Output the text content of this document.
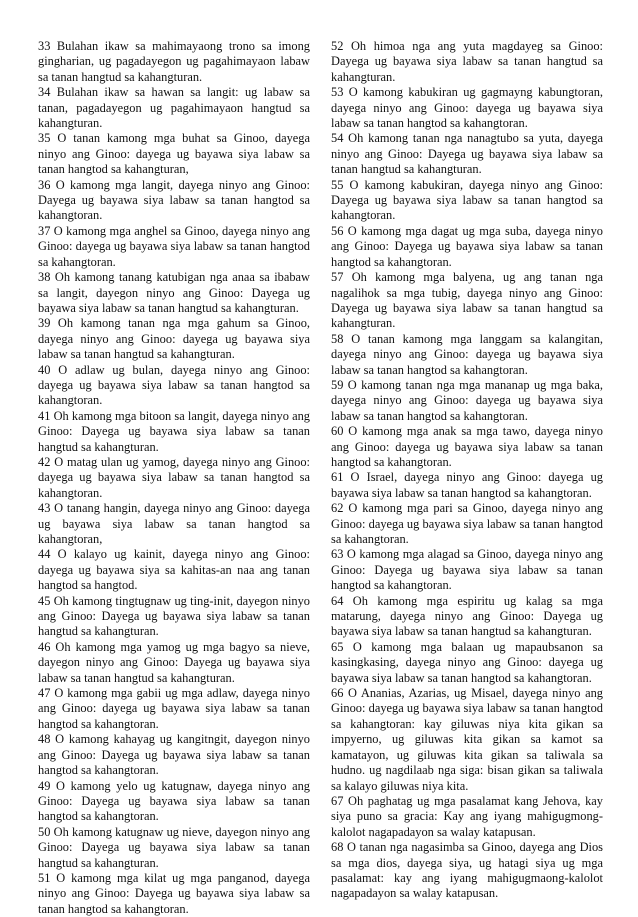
33 Bulahan ikaw sa mahimayaong trono sa imong gingharian, ug pagadayegon ug pagahimayaon labaw sa tanan hangtud sa kahangturan.

34 Bulahan ikaw sa hawan sa langit: ug labaw sa tanan, pagadayegon ug pagahimayaon hangtud sa kahangturan.

35 O tanan kamong mga buhat sa Ginoo, dayega ninyo ang Ginoo: dayega ug bayawa siya labaw sa tanan hangtod sa kahangturan,

36 O kamong mga langit, dayega ninyo ang Ginoo: Dayega ug bayawa siya labaw sa tanan hangtod sa kahangtoran.

37 O kamong mga anghel sa Ginoo, dayega ninyo ang Ginoo: dayega ug bayawa siya labaw sa tanan hangtod sa kahangtoran.

38 Oh kamong tanang katubigan nga anaa sa ibabaw sa langit, dayegon ninyo ang Ginoo: Dayega ug bayawa siya labaw sa tanan hangtud sa kahangturan.

39 Oh kamong tanan nga mga gahum sa Ginoo, dayega ninyo ang Ginoo: dayega ug bayawa siya labaw sa tanan hangtud sa kahangturan.

40 O adlaw ug bulan, dayega ninyo ang Ginoo: dayega ug bayawa siya labaw sa tanan hangtod sa kahangtoran.

41 Oh kamong mga bitoon sa langit, dayega ninyo ang Ginoo: Dayega ug bayawa siya labaw sa tanan hangtud sa kahangturan.

42 O matag ulan ug yamog, dayega ninyo ang Ginoo: dayega ug bayawa siya labaw sa tanan hangtod sa kahangtoran.

43 O tanang hangin, dayega ninyo ang Ginoo: dayega ug bayawa siya labaw sa tanan hangtod sa kahangtoran,

44 O kalayo ug kainit, dayega ninyo ang Ginoo: dayega ug bayawa siya sa kahitas-an naa ang tanan hangtod sa hangtod.

45 Oh kamong tingtugnaw ug ting-init, dayegon ninyo ang Ginoo: Dayega ug bayawa siya labaw sa tanan hangtud sa kahangturan.

46 Oh kamong mga yamog ug mga bagyo sa nieve, dayegon ninyo ang Ginoo: Dayega ug bayawa siya labaw sa tanan hangtud sa kahangturan.

47 O kamong mga gabii ug mga adlaw, dayega ninyo ang Ginoo: dayega ug bayawa siya labaw sa tanan hangtod sa kahangtoran.

48 O kamong kahayag ug kangitngit, dayegon ninyo ang Ginoo: Dayega ug bayawa siya labaw sa tanan hangtod sa kahangtoran.

49 O kamong yelo ug katugnaw, dayega ninyo ang Ginoo: Dayega ug bayawa siya labaw sa tanan hangtod sa kahangtoran.

50 Oh kamong katugnaw ug nieve, dayegon ninyo ang Ginoo: Dayega ug bayawa siya labaw sa tanan hangtud sa kahangturan.

51 O kamong mga kilat ug mga panganod, dayega ninyo ang Ginoo: Dayega ug bayawa siya labaw sa tanan hangtod sa kahangtoran.

52 Oh himoa nga ang yuta magdayeg sa Ginoo: Dayega ug bayawa siya labaw sa tanan hangtud sa kahangturan.

53 O kamong kabukiran ug gagmayng kabungtoran, dayega ninyo ang Ginoo: dayega ug bayawa siya labaw sa tanan hangtod sa kahangtoran.

54 Oh kamong tanan nga nanagtubo sa yuta, dayega ninyo ang Ginoo: Dayega ug bayawa siya labaw sa tanan hangtud sa kahangturan.

55 O kamong kabukiran, dayega ninyo ang Ginoo: Dayega ug bayawa siya labaw sa tanan hangtod sa kahangtoran.

56 O kamong mga dagat ug mga suba, dayega ninyo ang Ginoo: Dayega ug bayawa siya labaw sa tanan hangtod sa kahangtoran.

57 Oh kamong mga balyena, ug ang tanan nga nagalihok sa mga tubig, dayega ninyo ang Ginoo: Dayega ug bayawa siya labaw sa tanan hangtud sa kahangturan.

58 O tanan kamong mga langgam sa kalangitan, dayega ninyo ang Ginoo: dayega ug bayawa siya labaw sa tanan hangtod sa kahangtoran.

59 O kamong tanan nga mga mananap ug mga baka, dayega ninyo ang Ginoo: dayega ug bayawa siya labaw sa tanan hangtod sa kahangtoran.

60 O kamong mga anak sa mga tawo, dayega ninyo ang Ginoo: dayega ug bayawa siya labaw sa tanan hangtod sa kahangtoran.

61 O Israel, dayega ninyo ang Ginoo: dayega ug bayawa siya labaw sa tanan hangtod sa kahangtoran.

62 O kamong mga pari sa Ginoo, dayega ninyo ang Ginoo: dayega ug bayawa siya labaw sa tanan hangtod sa kahangtoran.

63 O kamong mga alagad sa Ginoo, dayega ninyo ang Ginoo: Dayega ug bayawa siya labaw sa tanan hangtod sa kahangtoran.

64 Oh kamong mga espiritu ug kalag sa mga matarung, dayega ninyo ang Ginoo: Dayega ug bayawa siya labaw sa tanan hangtud sa kahangturan.

65 O kamong mga balaan ug mapaubsanon sa kasingkasing, dayega ninyo ang Ginoo: dayega ug bayawa siya labaw sa tanan hangtod sa kahangtoran.

66 O Ananias, Azarias, ug Misael, dayega ninyo ang Ginoo: dayega ug bayawa siya labaw sa tanan hangtod sa kahangtoran: kay giluwas niya kita gikan sa impyerno, ug giluwas kita gikan sa kamot sa kamatayon, ug giluwas kita gikan sa taliwala sa hudno. ug nagdilaab nga siga: bisan gikan sa taliwala sa kalayo giluwas niya kita.

67 Oh paghatag ug mga pasalamat kang Jehova, kay siya puno sa gracia: Kay ang iyang mahigugmong-kalolot nagapadayon sa walay katapusan.

68 O tanan nga nagasimba sa Ginoo, dayega ang Dios sa mga dios, dayega siya, ug hatagi siya ug mga pasalamat: kay ang iyang mahigugmaong-kalolot nagapadayon sa walay katapusan.
